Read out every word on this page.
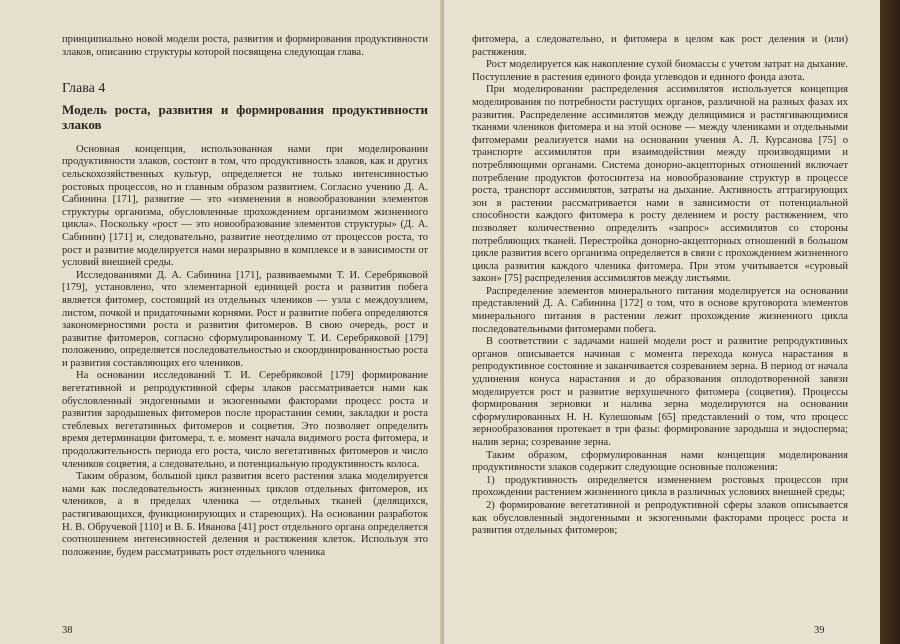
принципиально новой модели роста, развития и формирования продуктивности злаков, описанию структуры которой посвящена следующая глава.

Глава 4
Модель роста, развития и формирования продуктивности злаков

Основная концепция, использованная нами при моделировании продуктивности злаков, состоит в том, что продуктивность злаков, как и других сельскохозяйственных культур, определяется не только интенсивностью ростовых процессов, но и главным образом развитием. Согласно учению Д. А. Сабинина [171], развитие — это «изменения в новообразовании элементов структуры организма, обусловленные прохождением организмом жизненного цикла». Поскольку «рост — это новообразование элементов структуры» (Д. А. Сабинин) [171] и, следовательно, развитие неотделимо от процессов роста, то рост и развитие моделируется нами неразрывно в комплексе и в зависимости от условий внешней среды.

Исследованиями Д. А. Сабинина [171], развиваемыми Т. И. Серебряковой [179], установлено, что элементарной единицей роста и развития побега является фитомер, состоящий из отдельных члеников — узла с междоузлием, листом, почкой и придаточными корнями. Рост и развитие побега определяются закономерностями роста и развития фитомеров. В свою очередь, рост и развитие фитомеров, согласно сформулированному Т. И. Серебряковой [179] положению, определяется последовательностью и скоординированностью роста и развития составляющих его члеников.

На основании исследований Т. И. Серебряковой [179] формирование вегетативной и репродуктивной сферы злаков рассматривается нами как обусловленный эндогенными и экзогенными факторами процесс роста и развития зародышевых фитомеров после прорастания семян, закладки и роста стеблевых вегетативных фитомеров и соцветия. Это позволяет определить время детерминации фитомера, т. е. момент начала видимого роста фитомера, и продолжительность периода его роста, число вегетативных фитомеров и число члеников соцветия, а следовательно, и потенциальную продуктивность колоса.

Таким образом, большой цикл развития всего растения злака моделируется нами как последовательность жизненных циклов отдельных фитомеров, их члеников, а в пределах членика — отдельных тканей (делящихся, растягивающихся, функционирующих и стареющих). На основании разработок Н. В. Обручевой [110] и В. Б. Иванова [41] рост отдельного органа определяется соотношением интенсивностей деления и растяжения клеток. Используя это положение, будем рассматривать рост отдельного членика

38

фитомера, а следовательно, и фитомера в целом как рост деления и (или) растяжения.

Рост моделируется как накопление сухой биомассы с учетом затрат на дыхание. Поступление в растения единого фонда углеводов и единого фонда азота.

При моделировании распределения ассимилятов используется концепция моделирования по потребности растущих органов, различной на разных фазах их развития. Распределение ассимилятов между делящимися и растягивающимися тканями члеников фитомера и на этой основе — между члениками и отдельными фитомерами реализуется нами на основании учения А. Л. Курсанова [75] о транспорте ассимилятов при взаимодействии между производящими и потребляющими органами. Система донорно-акцепторных отношений включает потребление продуктов фотосинтеза на новообразование структур в процессе роста, транспорт ассимилятов, затраты на дыхание. Активность аттрагирующих зон в растении рассматривается нами в зависимости от потенциальной способности каждого фитомера к росту делением и росту растяжением, что позволяет количественно определить «запрос» ассимилятов со стороны потребляющих тканей. Перестройка донорно-акцепторных отношений в большом цикле развития всего организма определяется в связи с прохождением жизненного цикла развития каждого членика фитомера. При этом учитывается «суровый закон» [75] распределения ассимилятов между листьями.

Распределение элементов минерального питания моделируется на основании представлений Д. А. Сабинина [172] о том, что в основе круговорота элементов минерального питания в растении лежит прохождение жизненного цикла последовательными фитомерами побега.

В соответствии с задачами нашей модели рост и развитие репродуктивных органов описывается начиная с момента перехода конуса нарастания в репродуктивное состояние и заканчивается созреванием зерна. В период от начала удлинения конуса нарастания и до образования оплодотворенной завязи моделируется рост и развитие верхушечного фитомера (соцветия). Процессы формирования зерновки и налива зерна моделируются на основании сформулированных Н. Н. Кулешовым [65] представлений о том, что процесс зернообразования протекает в три фазы: формирование зародыша и эндосперма; налив зерна; созревание зерна.

Таким образом, сформулированная нами концепция моделирования продуктивности злаков содержит следующие основные положения:

1) продуктивность определяется изменением ростовых процессов при прохождении растением жизненного цикла в различных условиях внешней среды;

2) формирование вегетативной и репродуктивной сферы злаков описывается как обусловленный эндогенными и экзогенными факторами процесс роста и развития отдельных фитомеров;

39
